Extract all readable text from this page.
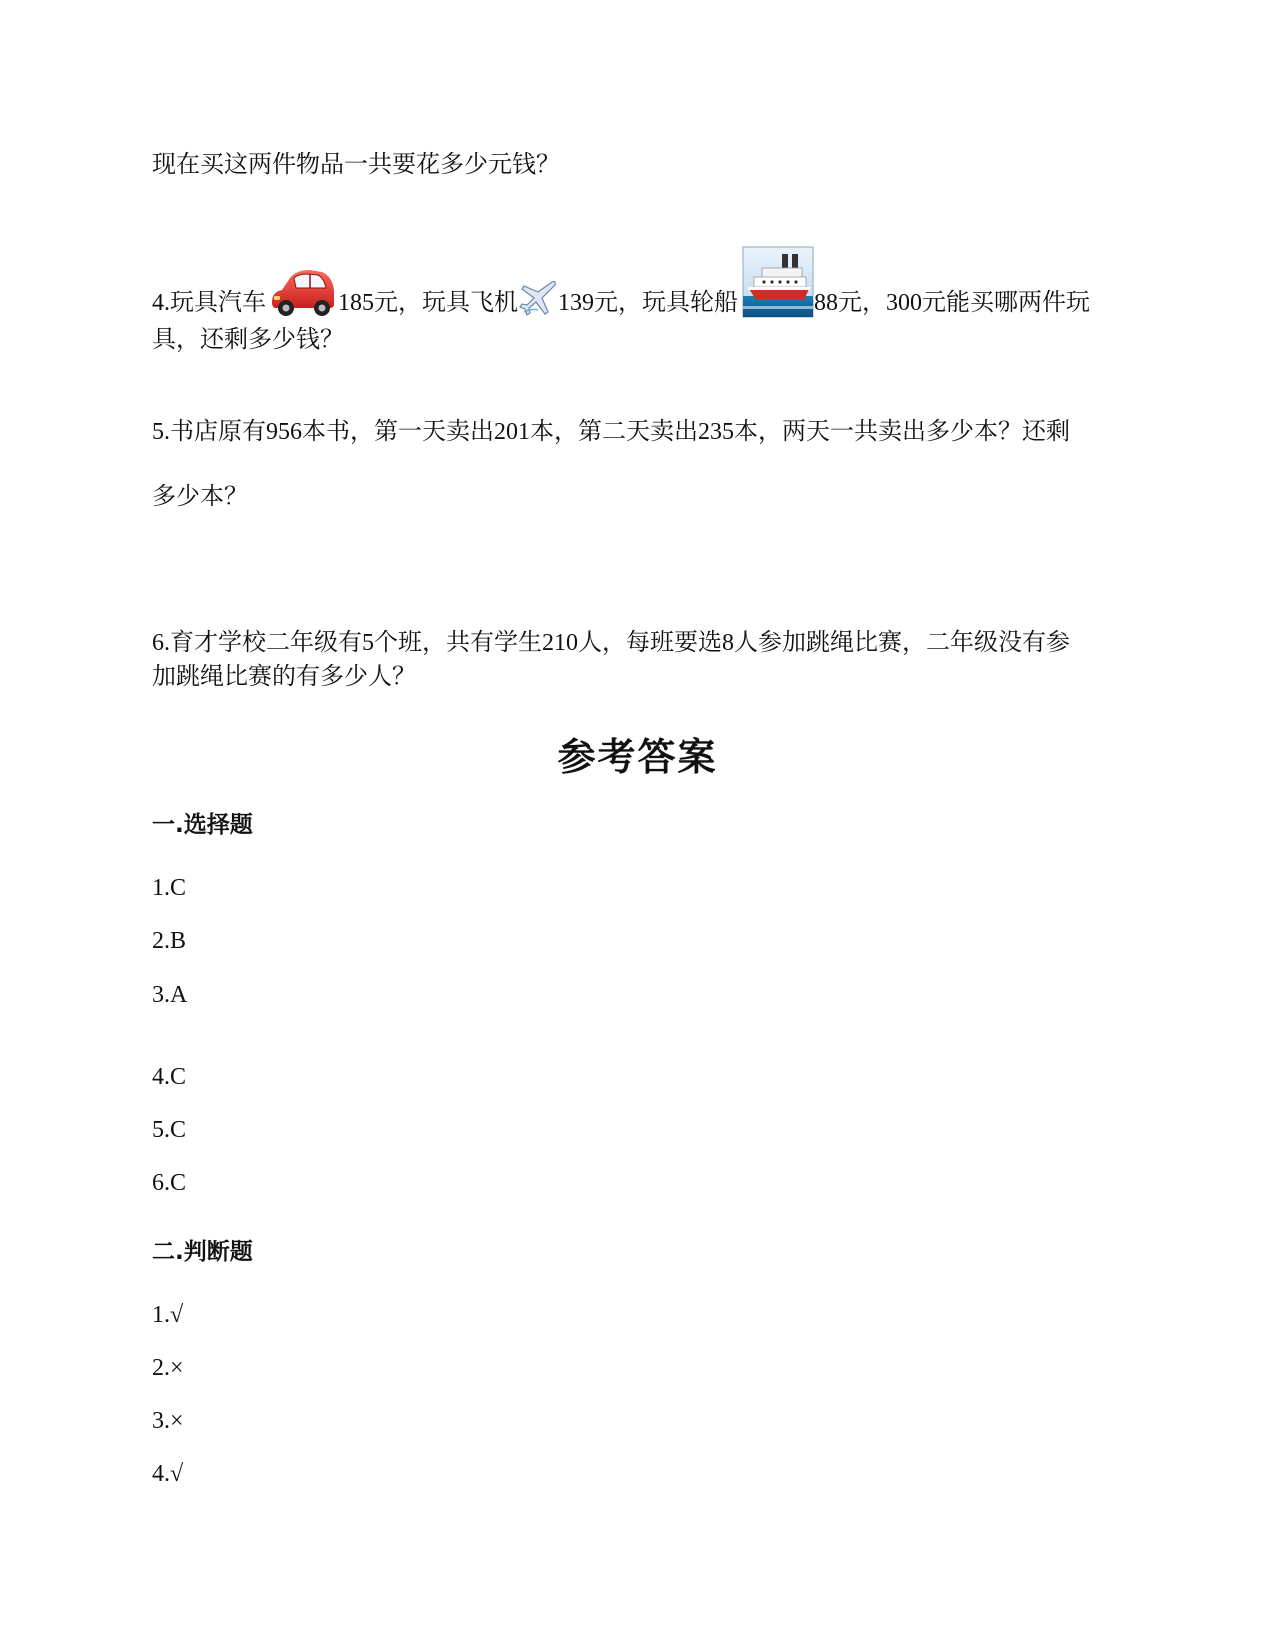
现在买这两件物品一共要花多少元钱？
4.玩具汽车	185元，玩具飞机 139元，玩具轮船	88元，300元能买哪两件玩
具，还剩多少钱？
5.书店原有956本书，第一天卖出201本，第二天卖出235本，两天一共卖出多少本？还剩
多少本？
6.育才学校二年级有5个班，共有学生210人，每班要选8人参加跳绳比赛，二年级没有参
加跳绳比赛的有多少人？
参考答案
一.选择题
1.C
2.B
3.A
4.C
5.C
6.C
二.判断题
1.√
2.×
3.×
4.√
